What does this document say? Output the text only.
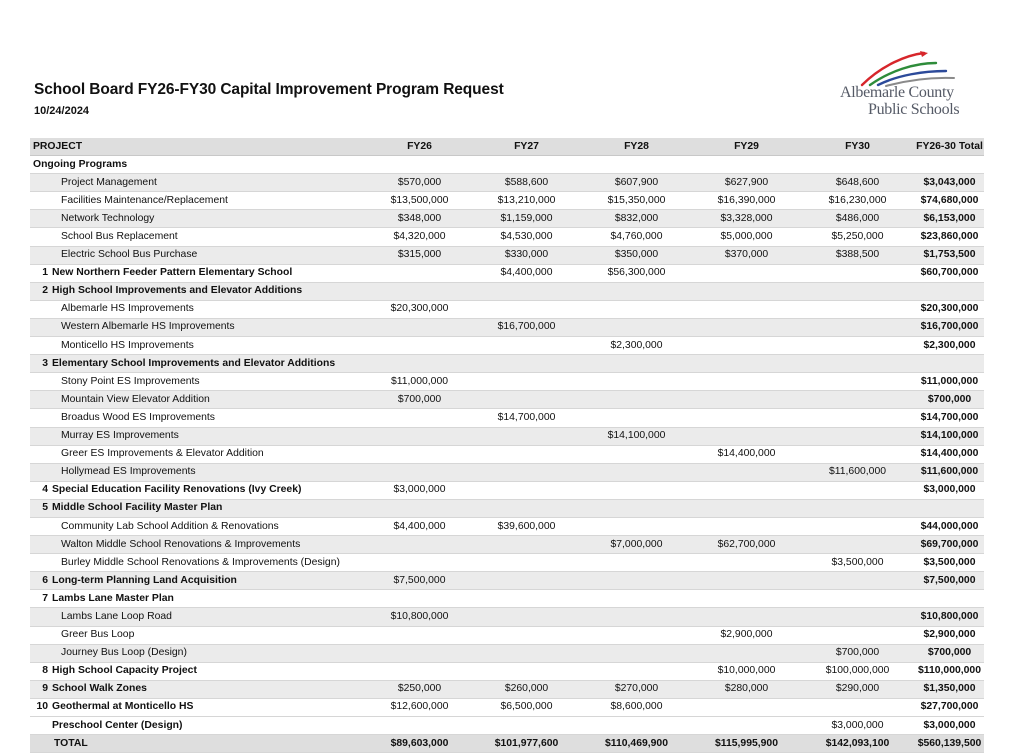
School Board FY26-FY30 Capital Improvement Program Request
10/24/2024
Albemarle County
Public Schools
PROJECT	FY26	FY27	FY28	FY29	FY30	FY26-30 Total
Ongoing Programs						
Project Management	$570,000	$588,600	$607,900	$627,900	$648,600	$3,043,000
Facilities Maintenance/Replacement	$13,500,000	$13,210,000	$15,350,000	$16,390,000	$16,230,000	$74,680,000
Network Technology	$348,000	$1,159,000	$832,000	$3,328,000	$486,000	$6,153,000
School Bus Replacement	$4,320,000	$4,530,000	$4,760,000	$5,000,000	$5,250,000	$23,860,000
Electric School Bus Purchase	$315,000	$330,000	$350,000	$370,000	$388,500	$1,753,500
1 New Northern Feeder Pattern Elementary School		$4,400,000	$56,300,000			$60,700,000
2 High School Improvements and Elevator Additions						
Albemarle HS Improvements	$20,300,000					$20,300,000
Western Albemarle HS Improvements		$16,700,000				$16,700,000
Monticello HS Improvements			$2,300,000			$2,300,000
3 Elementary School Improvements and Elevator Additions						
Stony Point ES Improvements	$11,000,000					$11,000,000
Mountain View Elevator Addition	$700,000					$700,000
Broadus Wood ES Improvements		$14,700,000				$14,700,000
Murray ES Improvements			$14,100,000			$14,100,000
Greer ES Improvements & Elevator Addition				$14,400,000		$14,400,000
Hollymead ES Improvements					$11,600,000	$11,600,000
4 Special Education Facility Renovations (Ivy Creek)	$3,000,000					$3,000,000
5 Middle School Facility Master Plan						
Community Lab School Addition & Renovations	$4,400,000	$39,600,000				$44,000,000
Walton Middle School Renovations & Improvements			$7,000,000	$62,700,000		$69,700,000
Burley Middle School Renovations & Improvements (Design)					$3,500,000	$3,500,000
6 Long-term Planning Land Acquisition	$7,500,000					$7,500,000
7 Lambs Lane Master Plan						
Lambs Lane Loop Road	$10,800,000					$10,800,000
Greer Bus Loop				$2,900,000		$2,900,000
Journey Bus Loop (Design)					$700,000	$700,000
8 High School Capacity Project				$10,000,000	$100,000,000	$110,000,000
9 School Walk Zones	$250,000	$260,000	$270,000	$280,000	$290,000	$1,350,000
10 Geothermal at Monticello HS	$12,600,000	$6,500,000	$8,600,000			$27,700,000
Preschool Center (Design)					$3,000,000	$3,000,000
TOTAL	$89,603,000	$101,977,600	$110,469,900	$115,995,900	$142,093,100	$560,139,500
